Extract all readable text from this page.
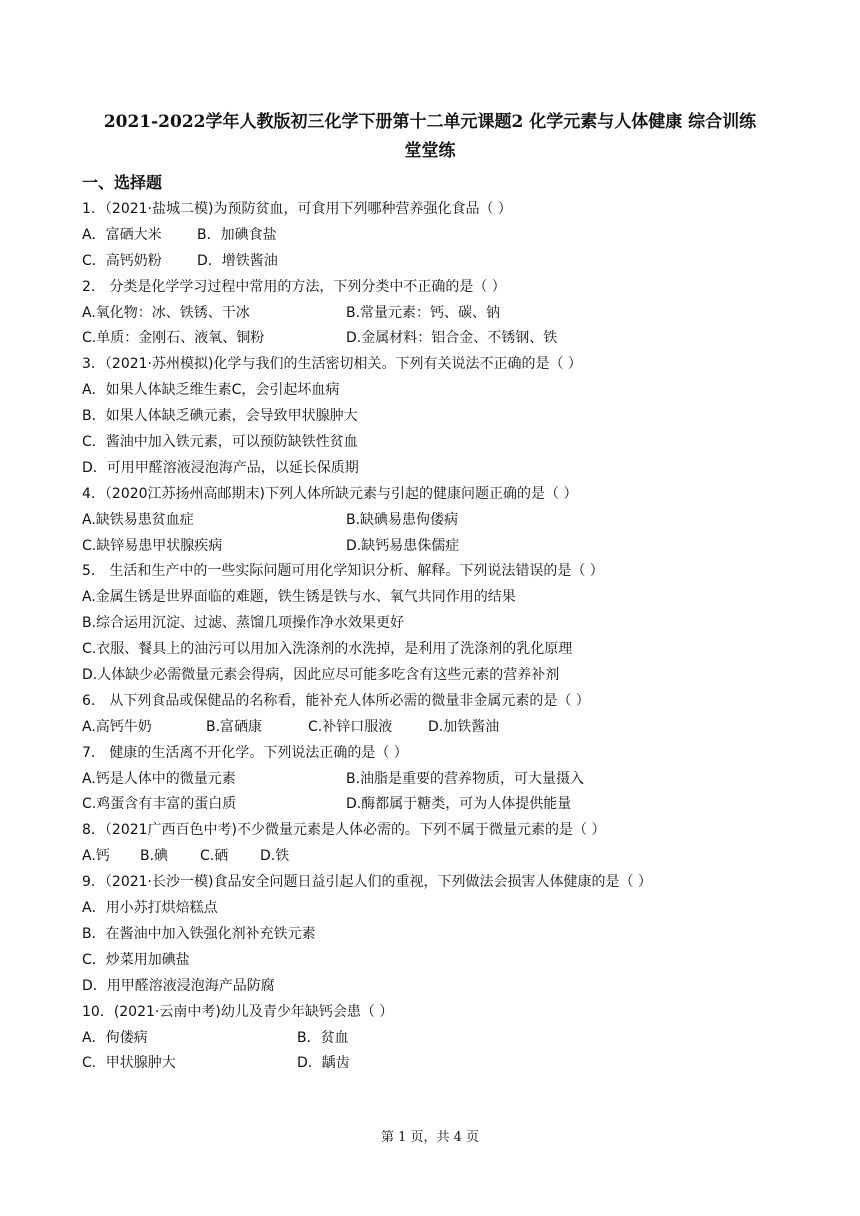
2021-2022学年人教版初三化学下册第十二单元课题2 化学元素与人体健康 综合训练
堂堂练
一、选择题
1．（2021·盐城二模)为预防贫血，可食用下列哪种营养强化食品（ ）
A．富硒大米	B．加碘食盐
C．高钙奶粉	D．增铁酱油
2． 分类是化学学习过程中常用的方法，下列分类中不正确的是（ ）
A.氧化物：冰、铁锈、干冰	B.常量元素：钙、碳、钠
C.单质：金刚石、液氧、铜粉	D.金属材料：铝合金、不锈钢、铁
3．（2021·苏州模拟)化学与我们的生活密切相关。下列有关说法不正确的是（ ）
A．如果人体缺乏维生素C，会引起坏血病
B．如果人体缺乏碘元素，会导致甲状腺肿大
C．酱油中加入铁元素，可以预防缺铁性贫血
D．可用甲醛溶液浸泡海产品，以延长保质期
4．（2020江苏扬州高邮期末)下列人体所缺元素与引起的健康问题正确的是（ ）
A.缺铁易患贫血症	B.缺碘易患佝偻病
C.缺锌易患甲状腺疾病	D.缺钙易患侏儒症
5． 生活和生产中的一些实际问题可用化学知识分析、解释。下列说法错误的是（ ）
A.金属生锈是世界面临的难题，铁生锈是铁与水、氧气共同作用的结果
B.综合运用沉淀、过滤、蒸馏几项操作净水效果更好
C.衣服、餐具上的油污可以用加入洗涤剂的水洗掉，是利用了洗涤剂的乳化原理
D.人体缺少必需微量元素会得病，因此应尽可能多吃含有这些元素的营养补剂
6． 从下列食品或保健品的名称看，能补充人体所必需的微量非金属元素的是（ ）
A.高钙牛奶	B.富硒康	C.补锌口服液	D.加铁酱油
7． 健康的生活离不开化学。下列说法正确的是（ ）
A.钙是人体中的微量元素	B.油脂是重要的营养物质，可大量摄入
C.鸡蛋含有丰富的蛋白质	D.酶都属于糖类，可为人体提供能量
8．（2021广西百色中考)不少微量元素是人体必需的。下列不属于微量元素的是（ ）
A.钙 B.碘 C.硒 D.铁
9．（2021·长沙一模)食品安全问题日益引起人们的重视，下列做法会损害人体健康的是（ ）
A．用小苏打烘焙糕点
B．在酱油中加入铁强化剂补充铁元素
C．炒菜用加碘盐
D．用甲醛溶液浸泡海产品防腐
10．(2021·云南中考)幼儿及青少年缺钙会患（ ）
A．佝偻病	B．贫血
C．甲状腺肿大	D．龋齿
第 1 页，共 4 页
